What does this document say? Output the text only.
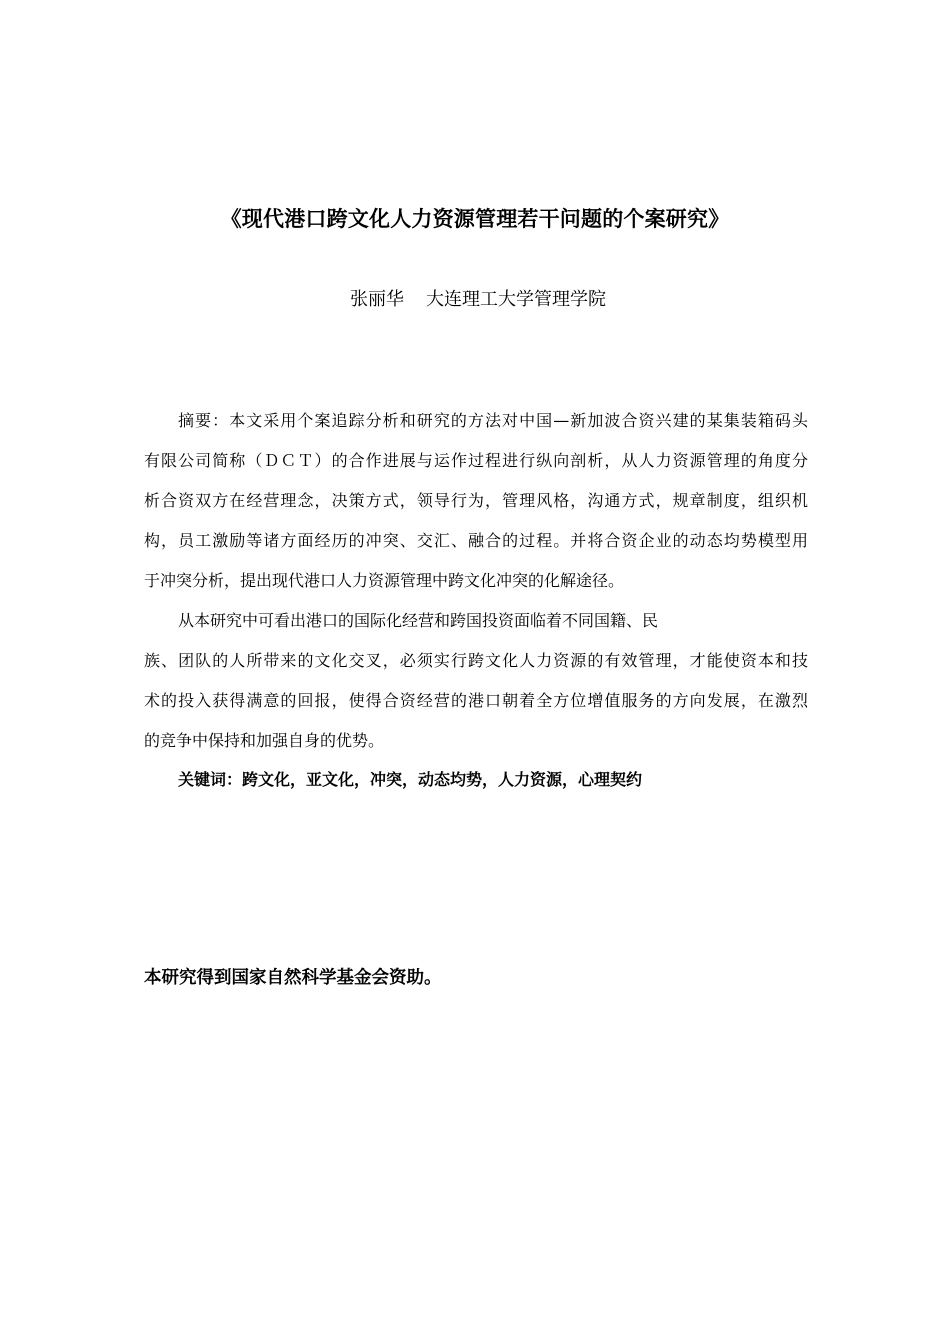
《现代港口跨文化人力资源管理若干问题的个案研究》
张丽华 大连理工大学管理学院
摘要：本文采用个案追踪分析和研究的方法对中国—新加波合资兴建的某集装箱码头
有限公司简称（ＤＣＴ）的合作进展与运作过程进行纵向剖析，从人力资源管理的角度分
析合资双方在经营理念，决策方式，领导行为，管理风格，沟通方式，规章制度，组织机
构，员工激励等诸方面经历的冲突、交汇、融合的过程。并将合资企业的动态均势模型用
于冲突分析，提出现代港口人力资源管理中跨文化冲突的化解途径。
从本研究中可看出港口的国际化经营和跨国投资面临着不同国籍、民
族、团队的人所带来的文化交叉，必须实行跨文化人力资源的有效管理，才能使资本和技
术的投入获得满意的回报，使得合资经营的港口朝着全方位增值服务的方向发展，在激烈
的竞争中保持和加强自身的优势。
关键词：跨文化，亚文化，冲突，动态均势，人力资源，心理契约
本研究得到国家自然科学基金会资助。
